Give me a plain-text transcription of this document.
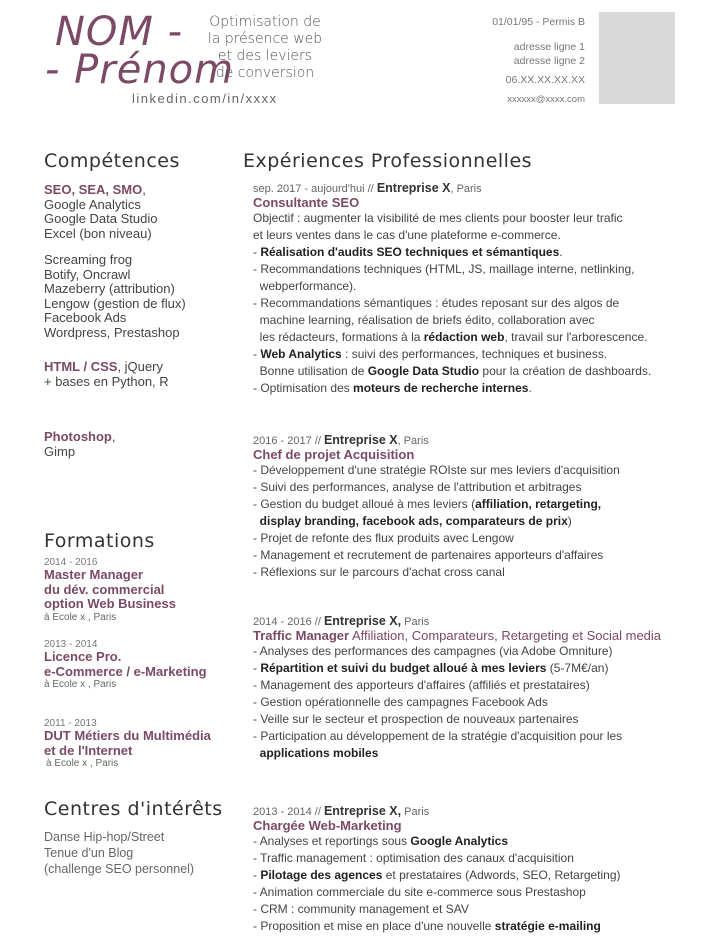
NOM -
- Prénom
Optimisation de
la présence web
et des leviers
de conversion
linkedin.com/in/xxxx
01/01/95 - Permis B
adresse ligne 1
adresse ligne 2
06.XX.XX.XX.XX
xxxxxx@xxxx.com
Compétences
SEO, SEA, SMO,
Google Analytics
Google Data Studio
Excel (bon niveau)
Screaming frog
Botify, Oncrawl
Mazeberry (attribution)
Lengow (gestion de flux)
Facebook Ads
Wordpress, Prestashop
HTML / CSS, jQuery
+ bases en Python, R
Photoshop,
Gimp
Formations
2014 - 2016
Master Manager
du dév. commercial
option Web Business
à Ecole x , Paris
2013 - 2014
Licence Pro.
e-Commerce / e-Marketing
à Ecole x , Paris
2011 - 2013
DUT Métiers du Multimédia
et de l'Internet
à Ecole x , Paris
Centres d'intérêts
Danse Hip-hop/Street
Tenue d'un Blog
(challenge SEO personnel)
Expériences Professionnelles
sep. 2017 - aujourd'hui // Entreprise X, Paris
Consultante SEO
Objectif : augmenter la visibilité de mes clients pour booster leur trafic
et leurs ventes dans le cas d'une plateforme e-commerce.
- Réalisation d'audits SEO techniques et sémantiques.
- Recommandations techniques (HTML, JS, maillage interne, netlinking,
webperformance).
- Recommandations sémantiques : études reposant sur des algos de
machine learning, réalisation de briefs édito, collaboration avec
les rédacteurs, formations à la rédaction web, travail sur l'arborescence.
- Web Analytics : suivi des performances, techniques et business.
Bonne utilisation de Google Data Studio pour la création de dashboards.
- Optimisation des moteurs de recherche internes.
2016 - 2017 // Entreprise X, Paris
Chef de projet Acquisition
- Développement d'une stratégie ROIste sur mes leviers d'acquisition
- Suivi des performances, analyse de l'attribution et arbitrages
- Gestion du budget alloué à mes leviers (affiliation, retargeting,
display branding, facebook ads, comparateurs de prix)
- Projet de refonte des flux produits avec Lengow
- Management et recrutement de partenaires apporteurs d'affaires
- Réflexions sur le parcours d'achat cross canal
2014 - 2016 // Entreprise X, Paris
Traffic Manager Affiliation, Comparateurs, Retargeting et Social media
- Analyses des performances des campagnes (via Adobe Omniture)
- Répartition et suivi du budget alloué à mes leviers (5-7M€/an)
- Management des apporteurs d'affaires (affiliés et prestataires)
- Gestion opérationnelle des campagnes Facebook Ads
- Veille sur le secteur et prospection de nouveaux partenaires
- Participation au développement de la stratégie d'acquisition pour les
applications mobiles
2013 - 2014 // Entreprise X, Paris
Chargée Web-Marketing
- Analyses et reportings sous Google Analytics
- Traffic management : optimisation des canaux d'acquisition
- Pilotage des agences et prestataires (Adwords, SEO, Retargeting)
- Animation commerciale du site e-commerce sous Prestashop
- CRM : community management et SAV
- Proposition et mise en place d'une nouvelle stratégie e-mailing
